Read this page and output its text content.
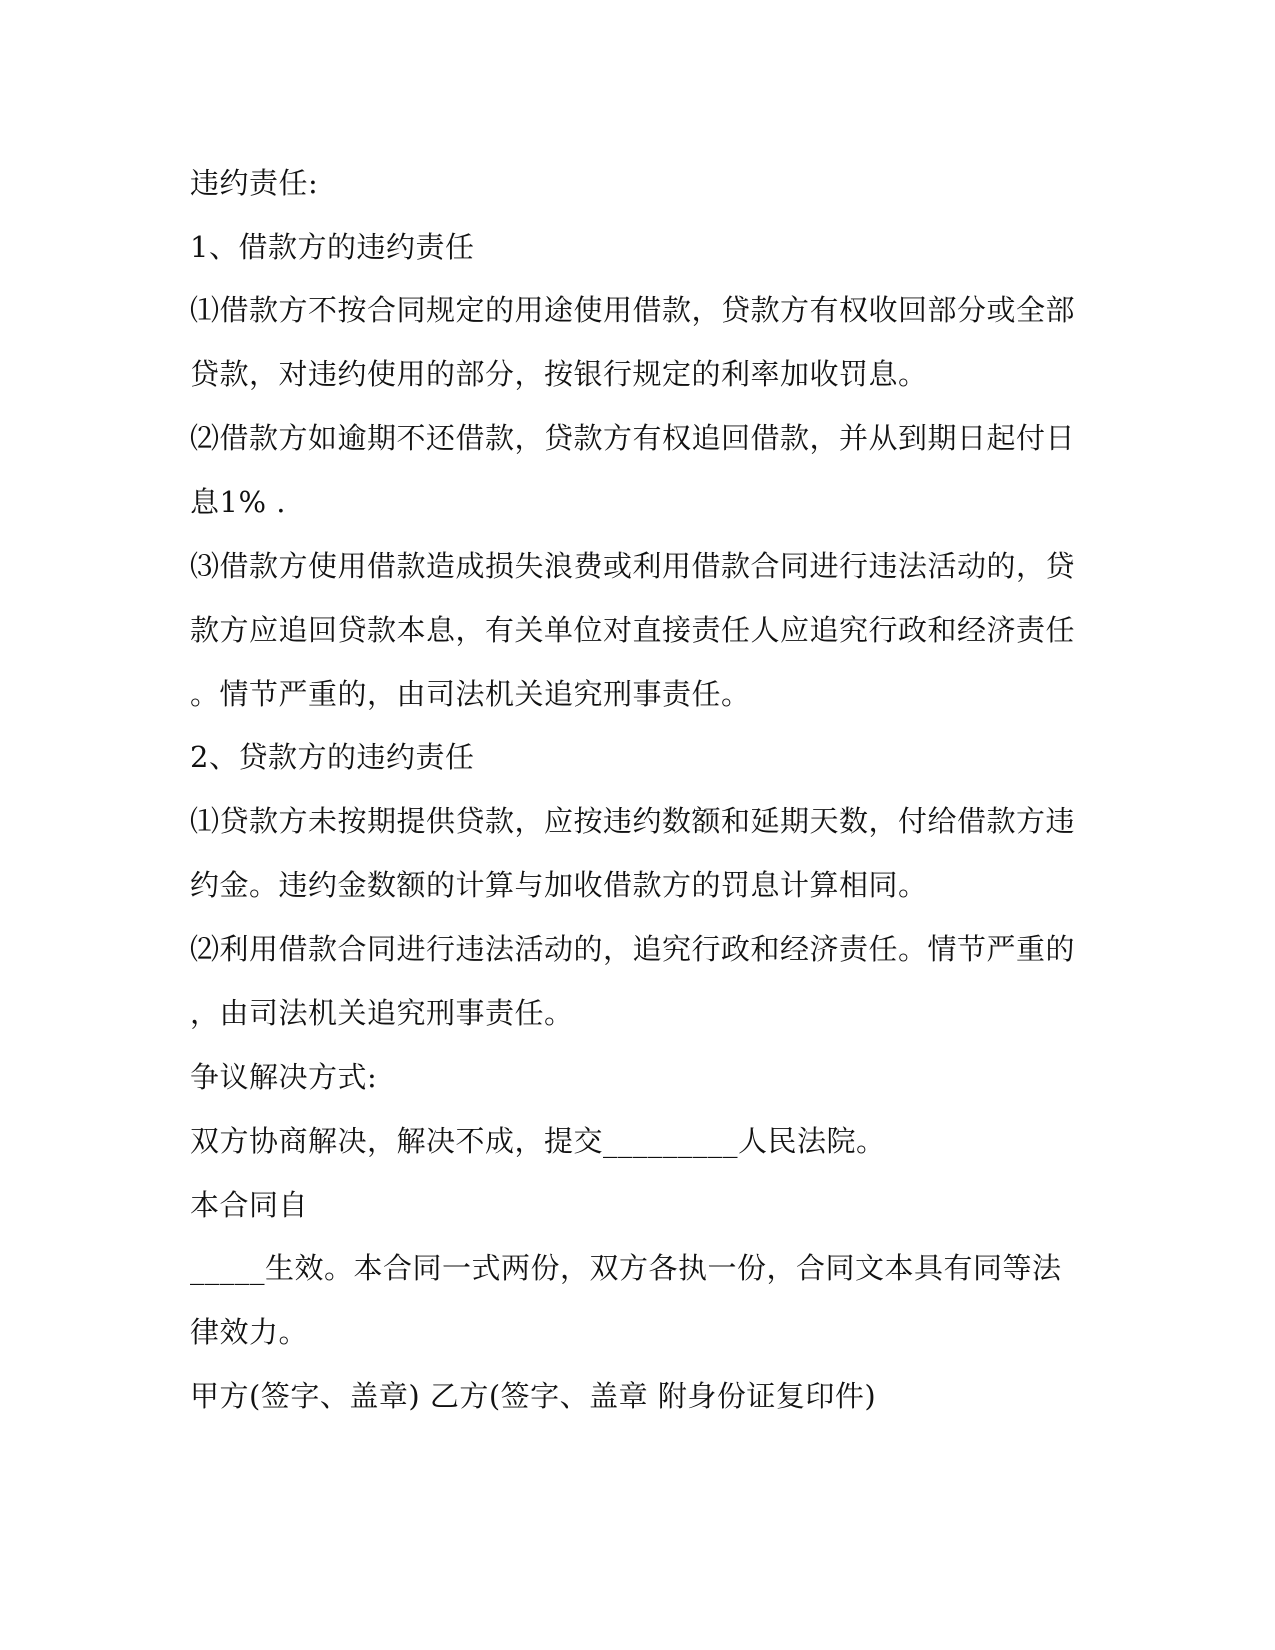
违约责任:

1、借款方的违约责任

⑴借款方不按合同规定的用途使用借款，贷款方有权收回部分或全部

贷款，对违约使用的部分，按银行规定的利率加收罚息。

⑵借款方如逾期不还借款，贷款方有权追回借款，并从到期日起付日

息1% .

⑶借款方使用借款造成损失浪费或利用借款合同进行违法活动的，贷

款方应追回贷款本息，有关单位对直接责任人应追究行政和经济责任

。情节严重的，由司法机关追究刑事责任。

2、贷款方的违约责任

⑴贷款方未按期提供贷款，应按违约数额和延期天数，付给借款方违

约金。违约金数额的计算与加收借款方的罚息计算相同。

⑵利用借款合同进行违法活动的，追究行政和经济责任。情节严重的

，由司法机关追究刑事责任。

争议解决方式:

双方协商解决，解决不成，提交_________人民法院。

本合同自

_____生效。本合同一式两份，双方各执一份，合同文本具有同等法

律效力。

甲方(签字、盖章) 乙方(签字、盖章 附身份证复印件)
